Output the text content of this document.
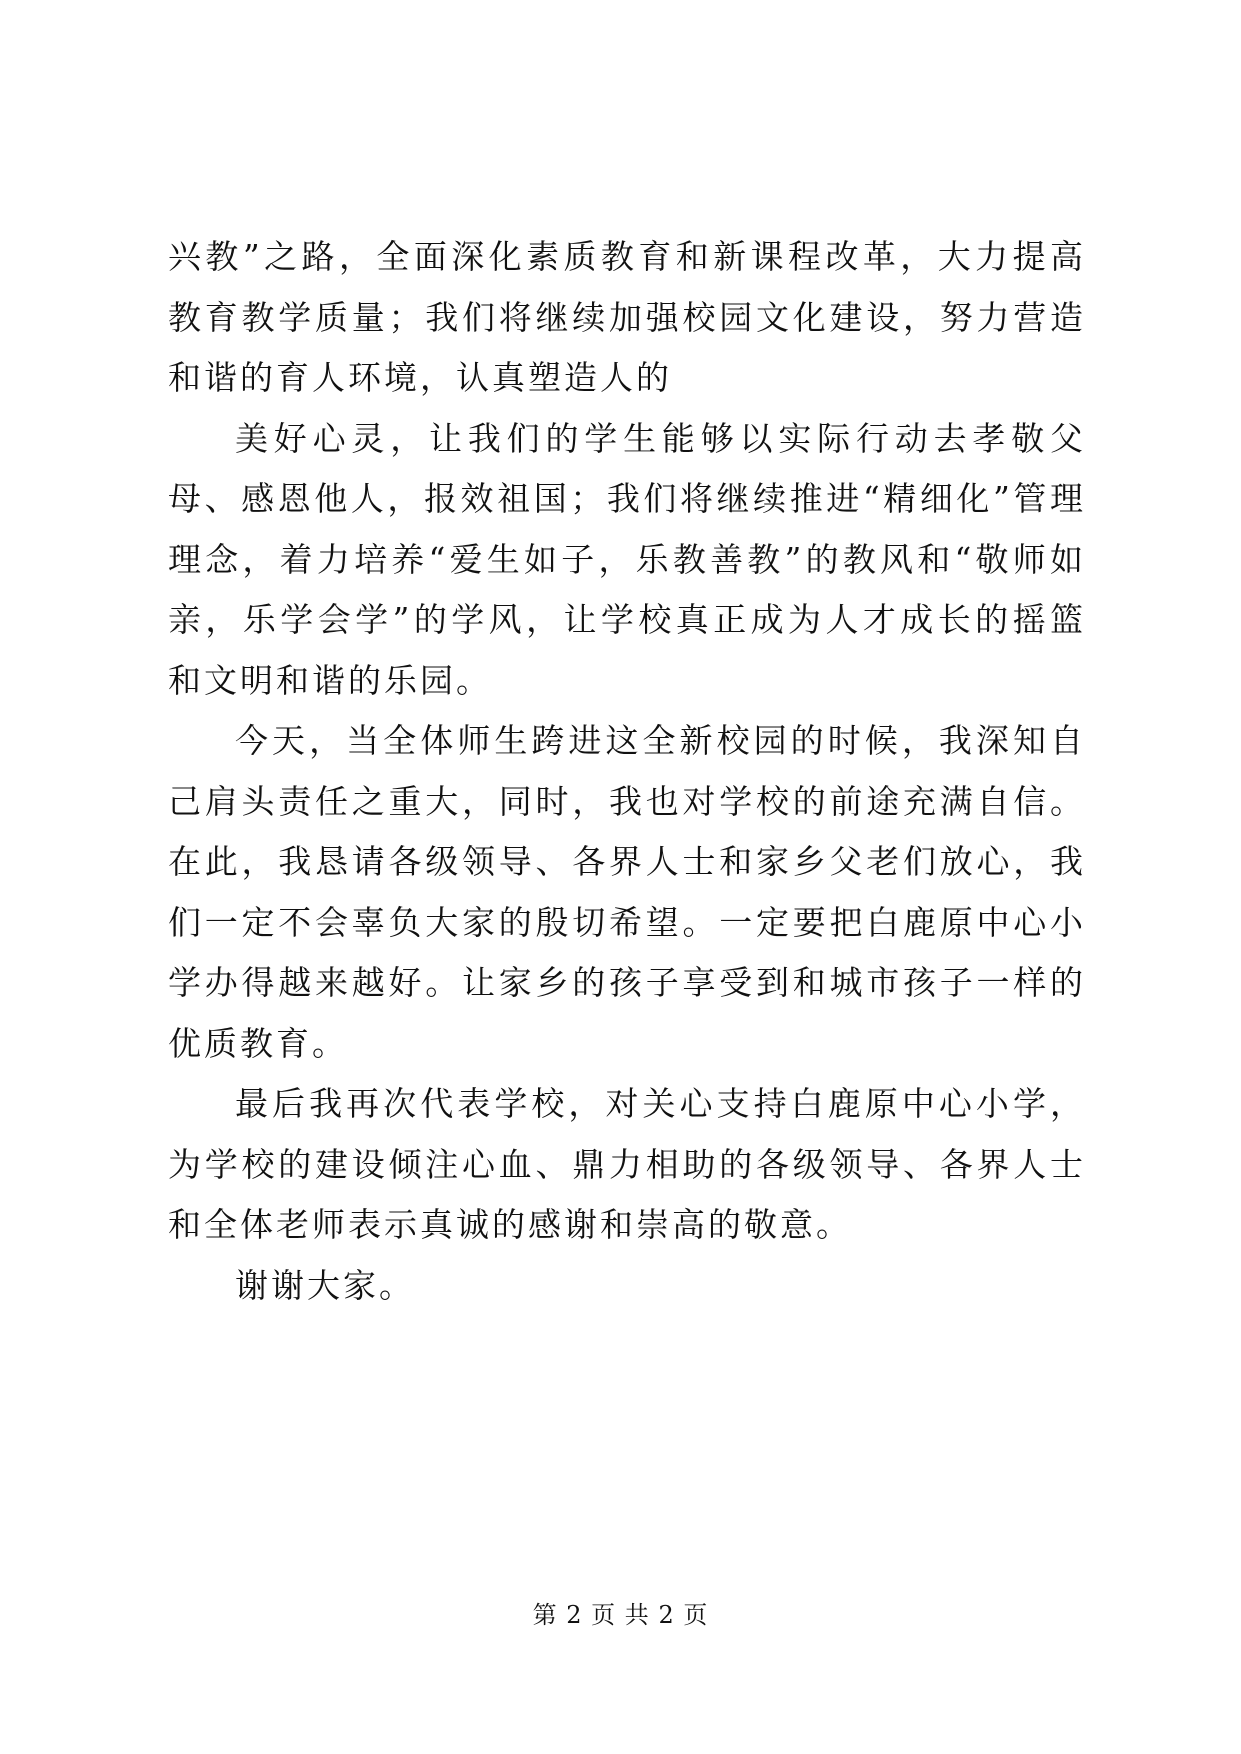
兴教”之路，全面深化素质教育和新课程改革，大力提高教育教学质量；我们将继续加强校园文化建设，努力营造和谐的育人环境，认真塑造人的

美好心灵，让我们的学生能够以实际行动去孝敬父母、感恩他人，报效祖国；我们将继续推进“精细化”管理理念，着力培养“爱生如子，乐教善教”的教风和“敬师如亲，乐学会学”的学风，让学校真正成为人才成长的摇篮和文明和谐的乐园。

今天，当全体师生跨进这全新校园的时候，我深知自己肩头责任之重大，同时，我也对学校的前途充满自信。在此，我恳请各级领导、各界人士和家乡父老们放心，我们一定不会辜负大家的殷切希望。一定要把白鹿原中心小学办得越来越好。让家乡的孩子享受到和城市孩子一样的优质教育。

最后我再次代表学校，对关心支持白鹿原中心小学，为学校的建设倾注心血、鼎力相助的各级领导、各界人士和全体老师表示真诚的感谢和崇高的敬意。

谢谢大家。

第 2 页 共 2 页
